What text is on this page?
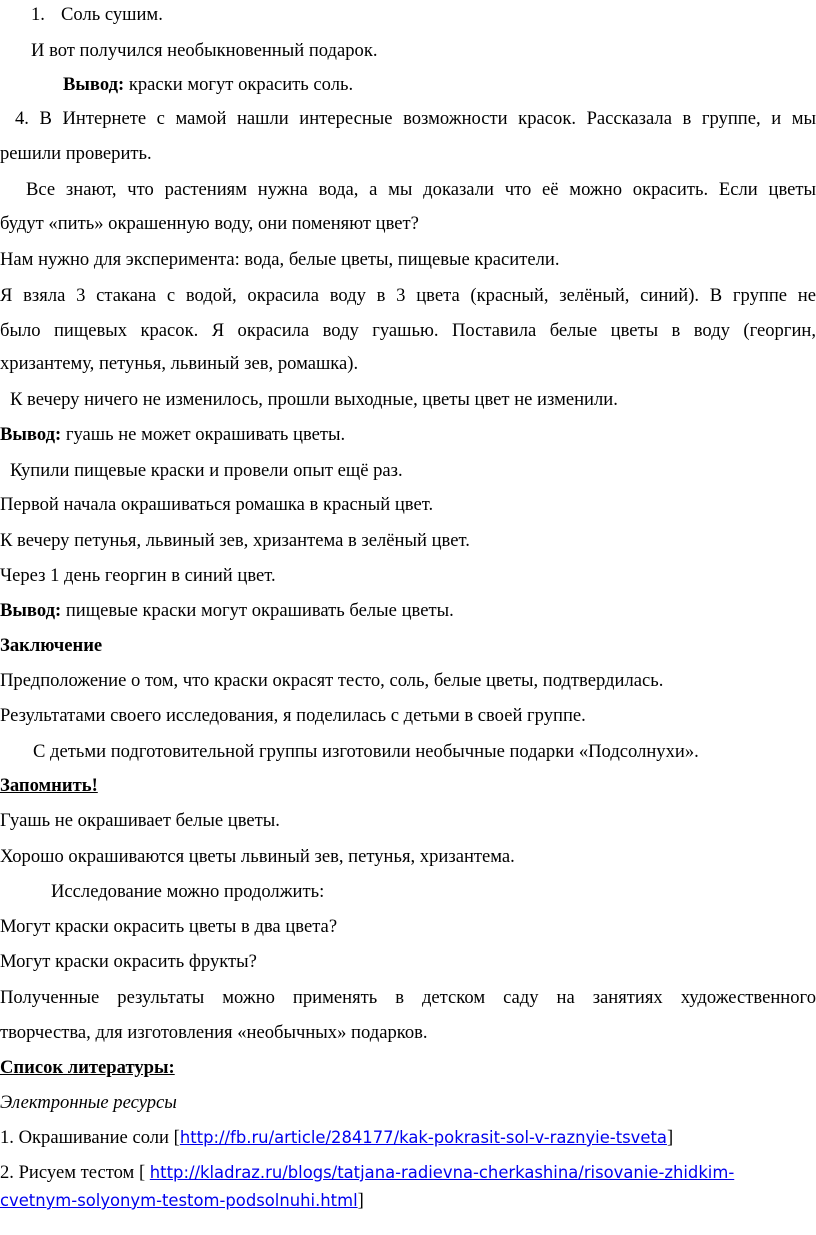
1. Соль сушим.
И вот получился необыкновенный подарок.
Вывод: краски могут окрасить соль.
4. В Интернете с мамой нашли интересные возможности красок. Рассказала в группе, и мы
решили проверить.
Все знают, что растениям нужна вода, а мы доказали что её можно окрасить. Если цветы
будут «пить» окрашенную воду, они поменяют цвет?
Нам нужно для эксперимента: вода, белые цветы, пищевые красители.
Я взяла 3 стакана с водой, окрасила воду в 3 цвета (красный, зелёный, синий). В группе не
было пищевых красок. Я окрасила воду гуашью. Поставила белые цветы в воду (георгин,
хризантему, петунья, львиный зев, ромашка).
К вечеру ничего не изменилось, прошли выходные, цветы цвет не изменили.
Вывод: гуашь не может окрашивать цветы.
Купили пищевые краски и провели опыт ещё раз.
Первой начала окрашиваться ромашка в красный цвет.
К вечеру петунья, львиный зев, хризантема в зелёный цвет.
Через 1 день георгин в синий цвет.
Вывод: пищевые краски могут окрашивать белые цветы.
Заключение
Предположение о том, что краски окрасят тесто, соль, белые цветы, подтвердилась.
Результатами своего исследования, я поделилась с детьми в своей группе.
С детьми подготовительной группы изготовили необычные подарки «Подсолнухи».
Запомнить!
Гуашь не окрашивает белые цветы.
Хорошо окрашиваются цветы львиный зев, петунья, хризантема.
Исследование можно продолжить:
Могут краски окрасить цветы в два цвета?
Могут краски окрасить фрукты?
Полученные результаты можно применять в детском саду на занятиях художественного
творчества, для изготовления «необычных» подарков.
Список литературы:
Электронные ресурсы
1. Окрашивание соли [http://fb.ru/article/284177/kak-pokrasit-sol-v-raznyie-tsveta]
2. Рисуем тестом [ http://kladraz.ru/blogs/tatjana-radievna-cherkashina/risovanie-zhidkim-
cvetnym-solyonym-testom-podsolnuhi.html]
